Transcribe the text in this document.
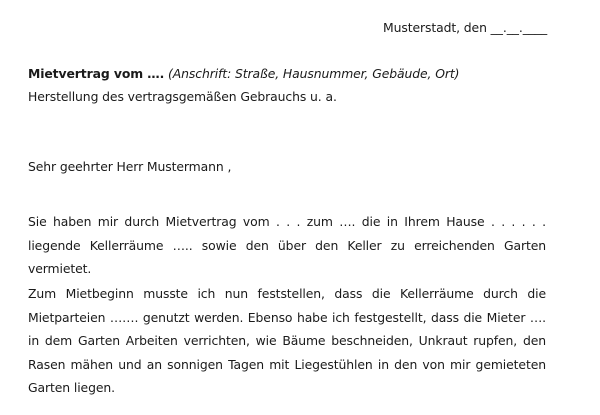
Musterstadt, den __.__.____
Mietvertrag vom …. (Anschrift: Straße, Hausnummer, Gebäude, Ort)
Herstellung des vertragsgemäßen Gebrauchs u. a.
Sehr geehrter Herr Mustermann ,
Sie haben mir durch Mietvertrag vom . . . zum …. die in Ihrem Hause . . . . . . liegende Kellerräume ….. sowie den über den Keller zu erreichenden Garten vermietet.
Zum Mietbeginn musste ich nun feststellen, dass die Kellerräume durch die Mietparteien ……. genutzt werden. Ebenso habe ich festgestellt, dass die Mieter …. in dem Garten Arbeiten verrichten, wie Bäume beschneiden, Unkraut rupfen, den Rasen mähen und an sonnigen Tagen mit Liegestühlen in den von mir gemieteten Garten liegen.
